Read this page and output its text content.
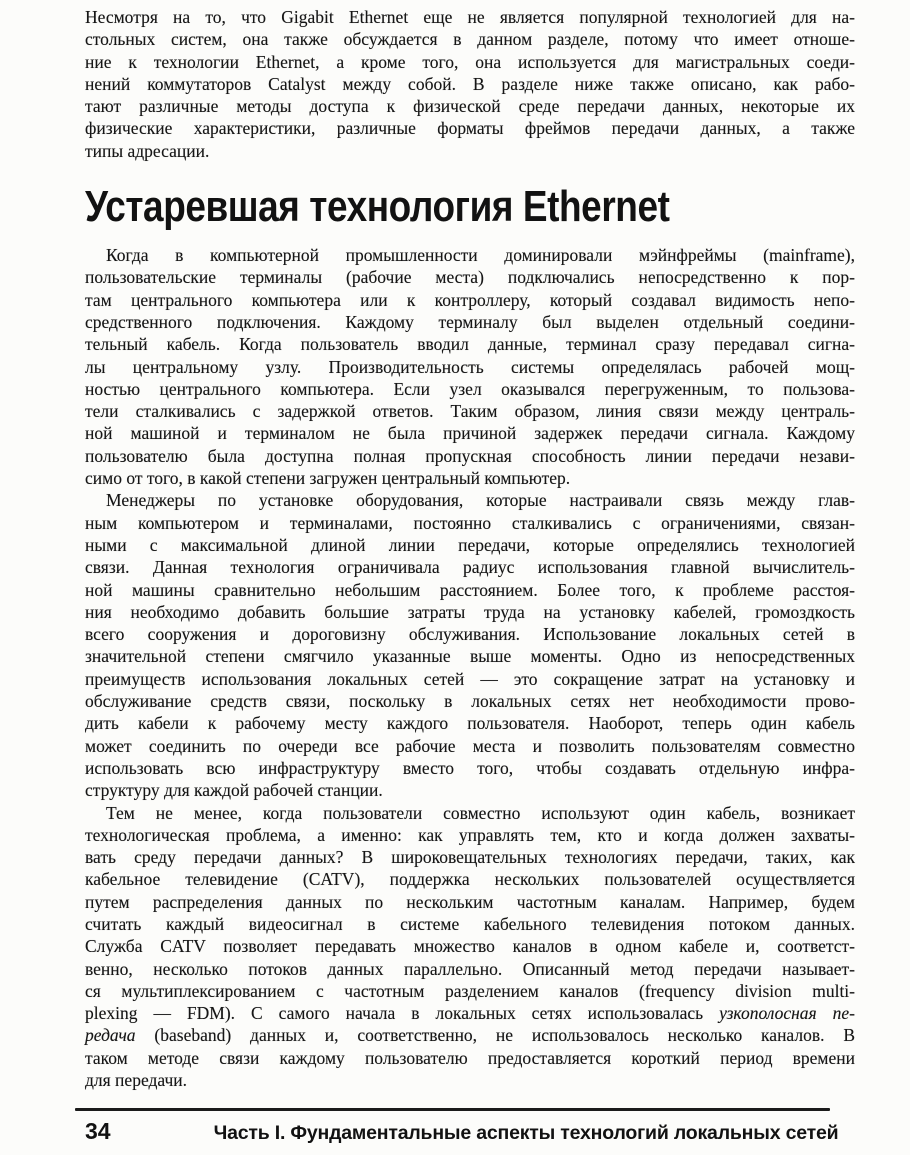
Несмотря на то, что Gigabit Ethernet еще не является популярной технологией для на-
стольных систем, она также обсуждается в данном разделе, потому что имеет отноше-
ние к технологии Ethernet, а кроме того, она используется для магистральных соеди-
нений коммутаторов Catalyst между собой. В разделе ниже также описано, как рабо-
тают различные методы доступа к физической среде передачи данных, некоторые их
физические характеристики, различные форматы фреймов передачи данных, а также
типы адресации.
Устаревшая технология Ethernet
Когда в компьютерной промышленности доминировали мэйнфреймы (mainframe),
пользовательские терминалы (рабочие места) подключались непосредственно к пор-
там центрального компьютера или к контроллеру, который создавал видимость непо-
средственного подключения. Каждому терминалу был выделен отдельный соедини-
тельный кабель. Когда пользователь вводил данные, терминал сразу передавал сигна-
лы центральному узлу. Производительность системы определялась рабочей мощ-
ностью центрального компьютера. Если узел оказывался перегруженным, то пользова-
тели сталкивались с задержкой ответов. Таким образом, линия связи между централь-
ной машиной и терминалом не была причиной задержек передачи сигнала. Каждому
пользователю была доступна полная пропускная способность линии передачи незави-
симо от того, в какой степени загружен центральный компьютер.
Менеджеры по установке оборудования, которые настраивали связь между глав-
ным компьютером и терминалами, постоянно сталкивались с ограничениями, связан-
ными с максимальной длиной линии передачи, которые определялись технологией
связи. Данная технология ограничивала радиус использования главной вычислитель-
ной машины сравнительно небольшим расстоянием. Более того, к проблеме расстоя-
ния необходимо добавить большие затраты труда на установку кабелей, громоздкость
всего сооружения и дороговизну обслуживания. Использование локальных сетей в
значительной степени смягчило указанные выше моменты. Одно из непосредственных
преимуществ использования локальных сетей — это сокращение затрат на установку и
обслуживание средств связи, поскольку в локальных сетях нет необходимости прово-
дить кабели к рабочему месту каждого пользователя. Наоборот, теперь один кабель
может соединить по очереди все рабочие места и позволить пользователям совместно
использовать всю инфраструктуру вместо того, чтобы создавать отдельную инфра-
структуру для каждой рабочей станции.
Тем не менее, когда пользователи совместно используют один кабель, возникает
технологическая проблема, а именно: как управлять тем, кто и когда должен захваты-
вать среду передачи данных? В широковещательных технологиях передачи, таких, как
кабельное телевидение (CATV), поддержка нескольких пользователей осуществляется
путем распределения данных по нескольким частотным каналам. Например, будем
считать каждый видеосигнал в системе кабельного телевидения потоком данных.
Служба CATV позволяет передавать множество каналов в одном кабеле и, соответст-
венно, несколько потоков данных параллельно. Описанный метод передачи называет-
ся мультиплексированием с частотным разделением каналов (frequency division multi-
plexing — FDM). С самого начала в локальных сетях использовалась узкополосная пе-
редача (baseband) данных и, соответственно, не использовалось несколько каналов. В
таком методе связи каждому пользователю предоставляется короткий период времени
для передачи.
34	Часть I. Фундаментальные аспекты технологий локальных сетей
